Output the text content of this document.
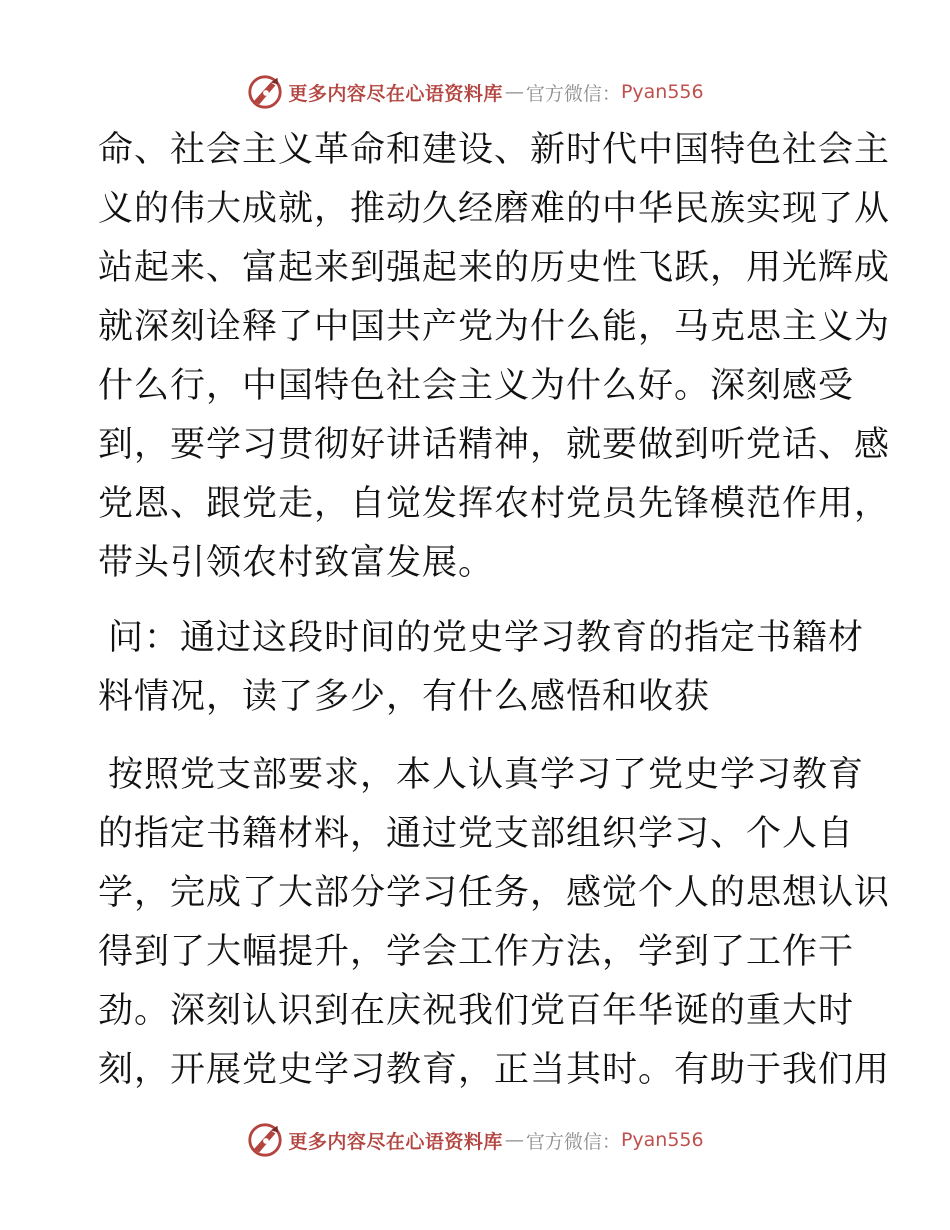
更多内容尽在心语资料库 — 官方微信： Pyan556
命、社会主义革命和建设、新时代中国特色社会主
义的伟大成就，推动久经磨难的中华民族实现了从
站起来、富起来到强起来的历史性飞跃，用光辉成
就深刻诠释了中国共产党为什么能，马克思主义为
什么行，中国特色社会主义为什么好。深刻感受
到，要学习贯彻好讲话精神，就要做到听党话、感
党恩、跟党走，自觉发挥农村党员先锋模范作用，
带头引领农村致富发展。
问：通过这段时间的党史学习教育的指定书籍材
料情况，读了多少，有什么感悟和收获
按照党支部要求，本人认真学习了党史学习教育
的指定书籍材料，通过党支部组织学习、个人自
学，完成了大部分学习任务，感觉个人的思想认识
得到了大幅提升，学会工作方法，学到了工作干
劲。深刻认识到在庆祝我们党百年华诞的重大时
刻，开展党史学习教育，正当其时。有助于我们用
更多内容尽在心语资料库 — 官方微信： Pyan556
